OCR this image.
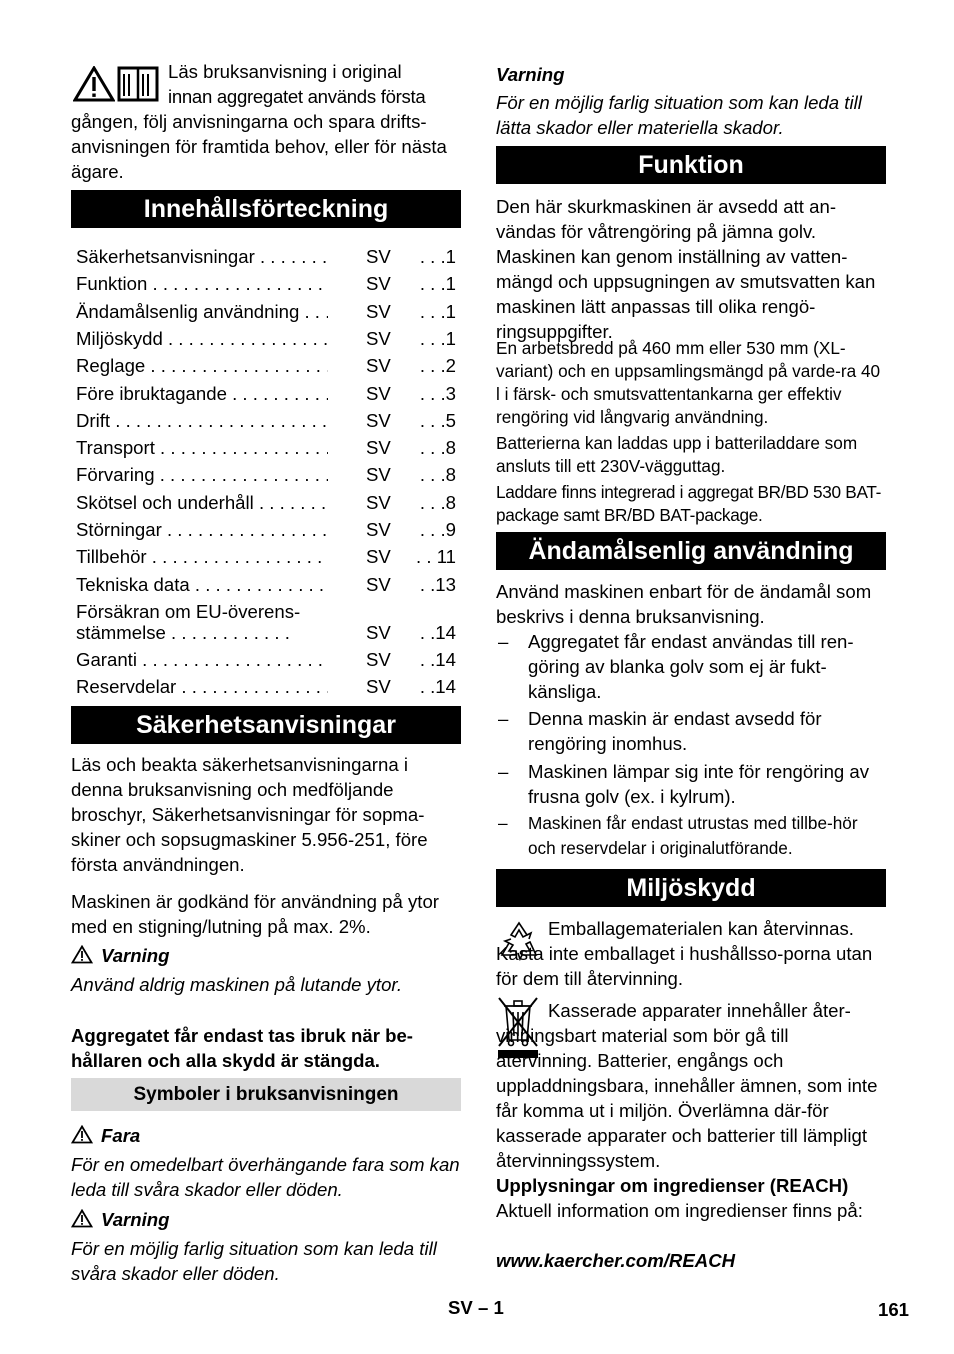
Läs bruksanvisning i original

innan aggregatet används första

gången, följ anvisningarna och spara drifts-anvisningen för framtida behov, eller för nästa ägare.

Innehållsförteckning
Säkerhetsanvisningar . . .	SV . . .1
Funktion . . .	SV . . .1
Ändamålsenlig användning . . .	SV . . .1
Miljöskydd . . .	SV . . .1
Reglage . . .	SV . . .2
Före ibruktagande . . .	SV . . .3
Drift . . .	SV . . .5
Transport . . .	SV . . .8
Förvaring . . .	SV . . .8
Skötsel och underhåll . . .	SV . . .8
Störningar . . .	SV . . .9
Tillbehör . . .	SV . . 11
Tekniska data . . .	SV . .13
Försäkran om EU-överens-stämmelse . . . . . . . . . . . .	SV . .14
Garanti . . .	SV . .14
Reservdelar . . .	SV . .14
Säkerhetsanvisningar

Läs och beakta säkerhetsanvisningarna i denna bruksanvisning och medföljande broschyr, Säkerhetsanvisningar för sopma-skiner och sopsugmaskiner 5.956-251, före första användningen.

Maskinen är godkänd för användning på ytor med en stigning/lutning på max. 2%.

Varning

Använd aldrig maskinen på lutande ytor.

Aggregatet får endast tas ibruk när be-hållaren och alla skydd är stängda.

Symboler i bruksanvisningen
Fara

För en omedelbart överhängande fara som kan leda till svåra skador eller döden.

Varning

För en möjlig farlig situation som kan leda till svåra skador eller döden.

Varning

För en möjlig farlig situation som kan leda till lätta skador eller materiella skador.

Funktion

Den här skurkmaskinen är avsedd att an-vändas för våtrengöring på jämna golv. Maskinen kan genom inställning av vatten-mängd och uppsugningen av smutsvatten kan maskinen lätt anpassas till olika rengö-ringsuppgifter.

En arbetsbredd på 460 mm eller 530 mm (XL-variant) och en uppsamlingsmängd på varde-ra 40 l i färsk- och smutsvattentankarna ger effektiv rengöring vid långvarig användning.

Batterierna kan laddas upp i batteriladdare som ansluts till ett 230V-vägguttag.

Laddare finns integrerad i aggregat BR/BD 530 BAT-package samt BR/BD BAT-package.

Ändamålsenlig användning

Använd maskinen enbart för de ändamål som beskrivs i denna bruksanvisning.

– Aggregatet får endast användas till ren-göring av blanka golv som ej är fukt-känsliga.
– Denna maskin är endast avsedd för rengöring inomhus.
– Maskinen lämpar sig inte för rengöring av frusna golv (ex. i kylrum).
– Maskinen får endast utrustas med tillbe-hör och reservdelar i originalutförande.
Miljöskydd

Emballagematerialen kan återvinnas. Kasta inte emballaget i hushållsso-porna utan för dem till återvinning.

Kasserade apparater innehåller åter-vinningsbart material som bör gå till återvinning. Batterier, engångs och uppladdningsbara, innehåller ämnen, som inte får komma ut i miljön. Överlämna där-för kasserade apparater och batterier till lämpligt återvinningssystem.

Upplysningar om ingredienser (REACH)

Aktuell information om ingredienser finns på:

www.kaercher.com/REACH

SV – 1	161
